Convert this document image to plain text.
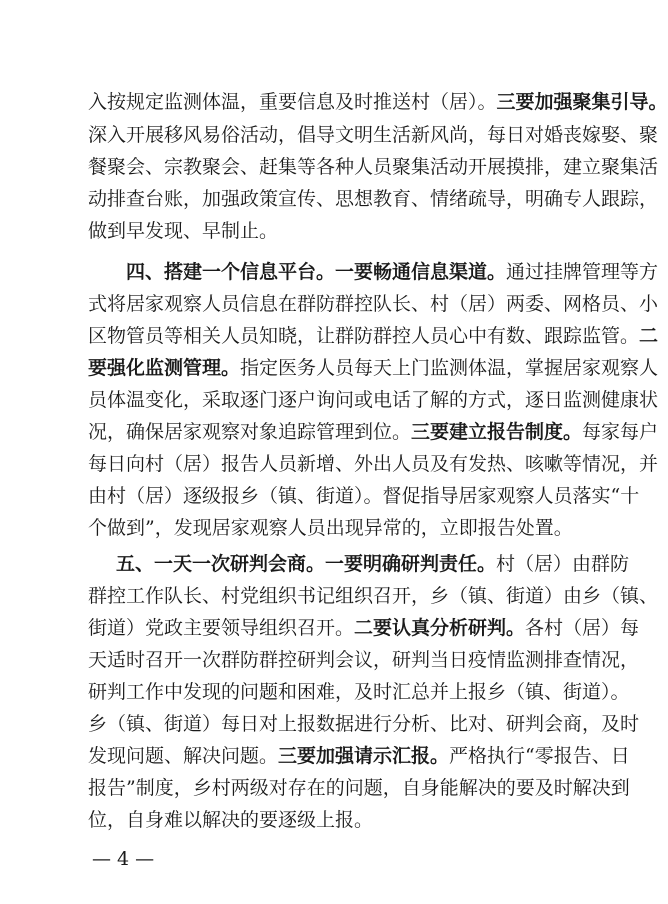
入按规定监测体温，重要信息及时推送村（居）。三要加强聚集引导。
深入开展移风易俗活动，倡导文明生活新风尚，每日对婚丧嫁娶、聚
餐聚会、宗教聚会、赶集等各种人员聚集活动开展摸排，建立聚集活
动排查台账，加强政策宣传、思想教育、情绪疏导，明确专人跟踪，
做到早发现、早制止。
四、搭建一个信息平台。一要畅通信息渠道。通过挂牌管理等方
式将居家观察人员信息在群防群控队长、村（居）两委、网格员、小
区物管员等相关人员知晓，让群防群控人员心中有数、跟踪监管。二
要强化监测管理。指定医务人员每天上门监测体温，掌握居家观察人
员体温变化，采取逐门逐户询问或电话了解的方式，逐日监测健康状
况，确保居家观察对象追踪管理到位。三要建立报告制度。每家每户
每日向村（居）报告人员新增、外出人员及有发热、咳嗽等情况，并
由村（居）逐级报乡（镇、街道）。督促指导居家观察人员落实“十
个做到”，发现居家观察人员出现异常的，立即报告处置。
五、一天一次研判会商。一要明确研判责任。村（居）由群防
群控工作队长、村党组织书记组织召开，乡（镇、街道）由乡（镇、
街道）党政主要领导组织召开。二要认真分析研判。各村（居）每
天适时召开一次群防群控研判会议，研判当日疫情监测排查情况，
研判工作中发现的问题和困难，及时汇总并上报乡（镇、街道）。
乡（镇、街道）每日对上报数据进行分析、比对、研判会商，及时
发现问题、解决问题。三要加强请示汇报。严格执行“零报告、日
报告”制度，乡村两级对存在的问题，自身能解决的要及时解决到
位，自身难以解决的要逐级上报。
— 4 —
